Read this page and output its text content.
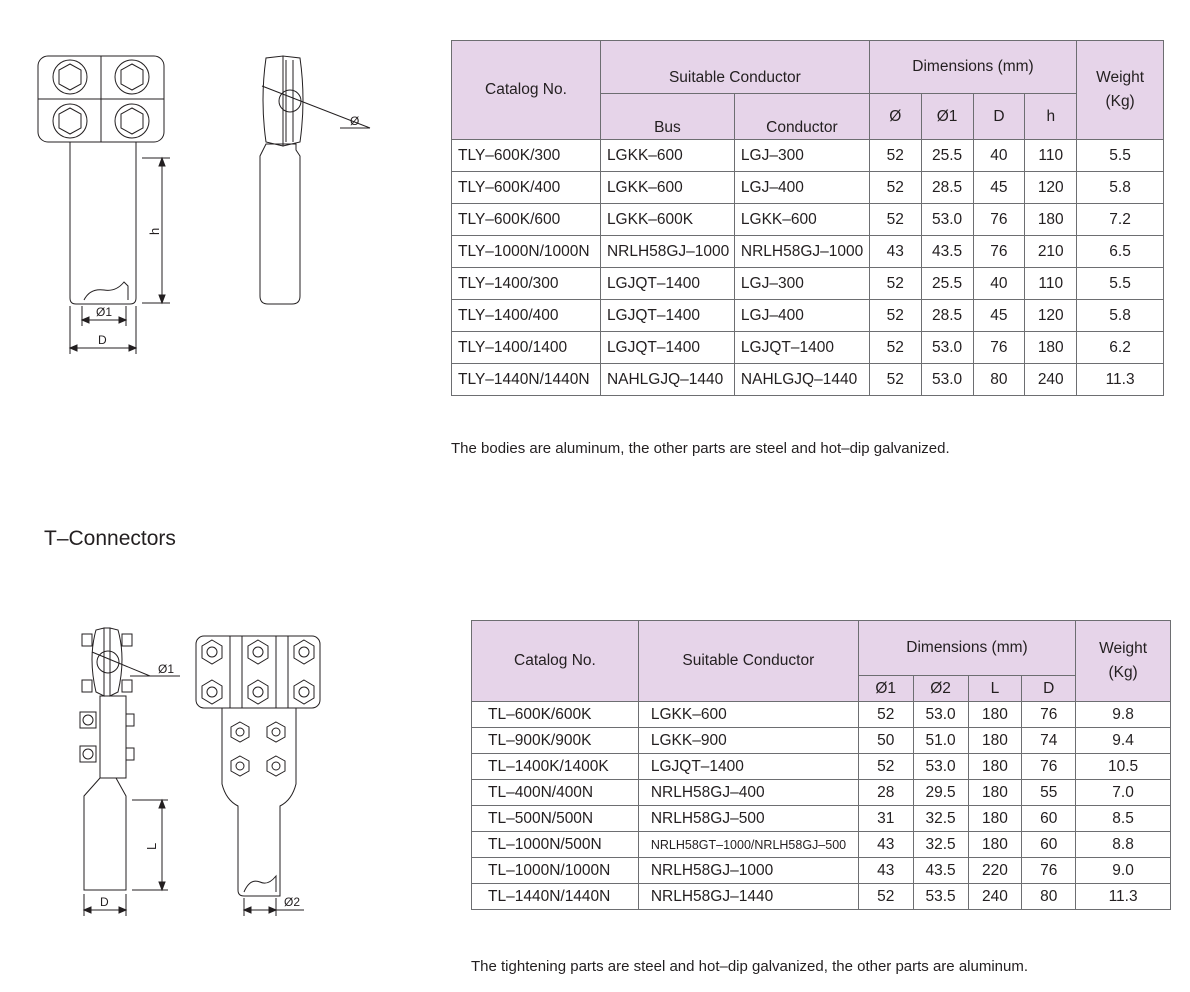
h
Ø1
D
Ø
Catalog No.	Suitable Conductor		Dimensions (mm)				Weight
(Kg)

	Bus	Conductor	Ø	Ø1	D	h	
TLY–600K/300	LGKK–600	LGJ–300	52	25.5	40	110	5.5
TLY–600K/400	LGKK–600	LGJ–400	52	28.5	45	120	5.8
TLY–600K/600	LGKK–600K	LGKK–600	52	53.0	76	180	7.2
TLY–1000N/1000N	NRLH58GJ–1000	NRLH58GJ–1000	43	43.5	76	210	6.5
TLY–1400/300	LGJQT–1400	LGJ–300	52	25.5	40	110	5.5
TLY–1400/400	LGJQT–1400	LGJ–400	52	28.5	45	120	5.8
TLY–1400/1400	LGJQT–1400	LGJQT–1400	52	53.0	76	180	6.2
TLY–1440N/1440N	NAHLGJQ–1440	NAHLGJQ–1440	52	53.0	80	240	11.3
The bodies are aluminum, the other parts are steel and hot–dip galvanized.
T–Connectors
Ø1
L
D	Ø2
Catalog No.	Suitable Conductor	Dimensions (mm)				Weight
(Kg)

		Ø1	Ø2	L	D	
TL–600K/600K	LGKK–600	52	53.0	180	76	9.8
TL–900K/900K	LGKK–900	50	51.0	180	74	9.4
TL–1400K/1400K	LGJQT–1400	52	53.0	180	76	10.5
TL–400N/400N	NRLH58GJ–400	28	29.5	180	55	7.0
TL–500N/500N	NRLH58GJ–500	31	32.5	180	60	8.5
TL–1000N/500N	NRLH58GT–1000/NRLH58GJ–500	43	32.5	180	60	8.8
TL–1000N/1000N	NRLH58GJ–1000	43	43.5	220	76	9.0
TL–1440N/1440N	NRLH58GJ–1440	52	53.5	240	80	11.3
The tightening parts are steel and hot–dip galvanized, the other parts are aluminum.
